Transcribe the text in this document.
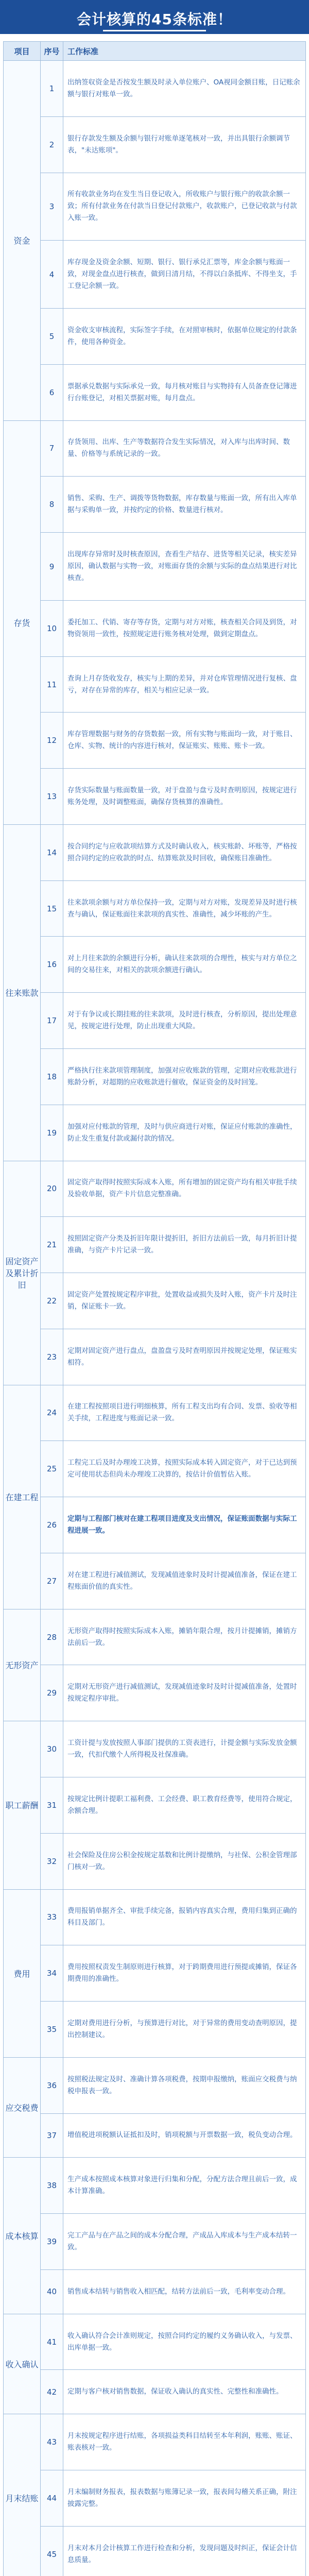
会计核算的45条标准！
项目	序号	工作标准
资金	1	出纳签収资金是否按发生额及时录入单位账户、OA视同金额目账，日记账余额与银行对账单一致。
	2	银行存款发生额及余额与银行对账单逐笔核对一致，并出具银行余额调节表，"未达账项"。
	3	所有收款业务均在发生当日登记收入，所收账户与银行账户的收款余额一致；所有付款业务在付款当日登记付款账户，收款账户，已登记收款与付款入账一致。
	4	库存现金及资金余额、短期、银行、银行承兑汇票等，库金余额与账面一致，对现金盘点进行核查，做到日清月结，不得以白条抵库、不得坐支，手工登记余额一致。
	5	资金收支审核流程，实际签字手续，在对照审核时，依据单位规定的付款条件，使用各种资金。
	6	票据承兑数据与实际承兑一致，每月核对账目与实物持有人员备查登记簿进行台账登记，对相关票据对账，每月盘点。
存货	7	存货领用、出库、生产等数据符合发生实际情况，对入库与出库时间、数量、价格等与系统记录的一致。
	8	销售、采购、生产、调拨等货物数据，库存数量与账面一致，所有出入库单据与采购单一致，并按约定的价格、数量进行核对。
	9	出现库存异常时及时核查原因，查看生产结存、进货等相关记录，核实差异原因，确认数据与实物一致，对账面存货的余额与实际的盘点结果进行对比核查。
	10	委托加工、代销、寄存等存货，定期与对方对账，核查相关合同及到货，对物资领用一致性，按照规定进行账务核对处理，做到定期盘点。
	11	查询上月存货收发存，核实与上期的差异，并对仓库管理情况进行复核、盘亏，对存在异常的库存，相关与相应记录一致。
	12	库存管理数据与财务的存货数据一致，所有实物与账面均一致，对于账目、仓库、实物、统计的内容进行核对，保证账实、账账、账卡一致。
	13	存货实际数量与账面数量一致，对于盘盈与盘亏及时查明原因，按规定进行账务处理，及时调整账面，确保存货核算的准确性。
往来账款	14	按合同约定与应收款项结算方式及时确认收入，核实账龄、坏账等，严格按照合同约定的应收款的时点、结算账款及时回收，确保账目准确性。
	15	往来款项余额与对方单位保持一致，定期与对方对账，发现差异及时进行核查与确认，保证账面往来款项的真实性、准确性，减少坏账的产生。
	16	对上月往来款的余额进行分析，确认往来款项的合理性，核实与对方单位之间的交易往来，对相关的款项余额进行确认。
	17	对于有争议或长期挂账的往来款项，及时进行核查，分析原因，提出处理意见，按规定进行处理，防止出现重大风险。
	18	严格执行往来款项管理制度，加强对应收账款的管理，定期对应收账款进行账龄分析，对超期的应收账款进行催收，保证资金的及时回笼。
	19	加强对应付账款的管理，及时与供应商进行对账，保证应付账款的准确性，防止发生重复付款或漏付款的情况。
固定资产及累计折旧	20	固定资产取得时按照实际成本入账，所有增加的固定资产均有相关审批手续及验收单据，资产卡片信息完整准确。
	21	按照固定资产分类及折旧年限计提折旧，折旧方法前后一致，每月折旧计提准确，与资产卡片记录一致。
	22	固定资产处置按规定程序审批，处置收益或损失及时入账，资产卡片及时注销，保证账卡一致。
	23	定期对固定资产进行盘点，盘盈盘亏及时查明原因并按规定处理，保证账实相符。
在建工程	24	在建工程按照项目进行明细核算，所有工程支出均有合同、发票、验收等相关手续，工程进度与账面记录一致。
	25	工程完工后及时办理竣工决算，按照实际成本转入固定资产，对于已达到预定可使用状态但尚未办理竣工决算的，按估计价值暂估入账。
	26	定期与工程部门核对在建工程项目进度及支出情况，保证账面数据与实际工程进展一致。
	27	对在建工程进行减值测试，发现减值迹象时及时计提减值准备，保证在建工程账面价值的真实性。
无形资产	28	无形资产取得时按照实际成本入账，摊销年限合理，按月计提摊销，摊销方法前后一致。
	29	定期对无形资产进行减值测试，发现减值迹象时及时计提减值准备，处置时按规定程序审批。
职工薪酬	30	工资计提与发放按照人事部门提供的工资表进行，计提金额与实际发放金额一致，代扣代缴个人所得税及社保准确。
	31	按规定比例计提职工福利费、工会经费、职工教育经费等，使用符合规定，余额合理。
	32	社会保险及住房公积金按规定基数和比例计提缴纳，与社保、公积金管理部门核对一致。
费用	33	费用报销单据齐全、审批手续完备，报销内容真实合理，费用归集到正确的科目及部门。
	34	费用按照权责发生制原则进行核算，对于跨期费用进行预提或摊销，保证各期费用的准确性。
	35	定期对费用进行分析，与预算进行对比，对于异常的费用变动查明原因，提出控制建议。
应交税费	36	按照税法规定及时、准确计算各项税费，按期申报缴纳，账面应交税费与纳税申报表一致。
	37	增值税进项税额认证抵扣及时，销项税额与开票数据一致，税负变动合理。
成本核算	38	生产成本按照成本核算对象进行归集和分配，分配方法合理且前后一致，成本计算准确。
	39	完工产品与在产品之间的成本分配合理，产成品入库成本与生产成本结转一致。
	40	销售成本结转与销售收入相匹配，结转方法前后一致，毛利率变动合理。
收入确认	41	收入确认符合会计准则规定，按照合同约定的履约义务确认收入，与发票、出库单据一致。
	42	定期与客户核对销售数据，保证收入确认的真实性、完整性和准确性。
月末结账	43	月末按规定程序进行结账，各项损益类科目结转至本年利润，账账、账证、账表核对一致。
	44	月末编制财务报表，报表数据与账簿记录一致，报表间勾稽关系正确，附注披露完整。
	45	月末对本月会计核算工作进行检查和分析，发现问题及时纠正，保证会计信息质量。
